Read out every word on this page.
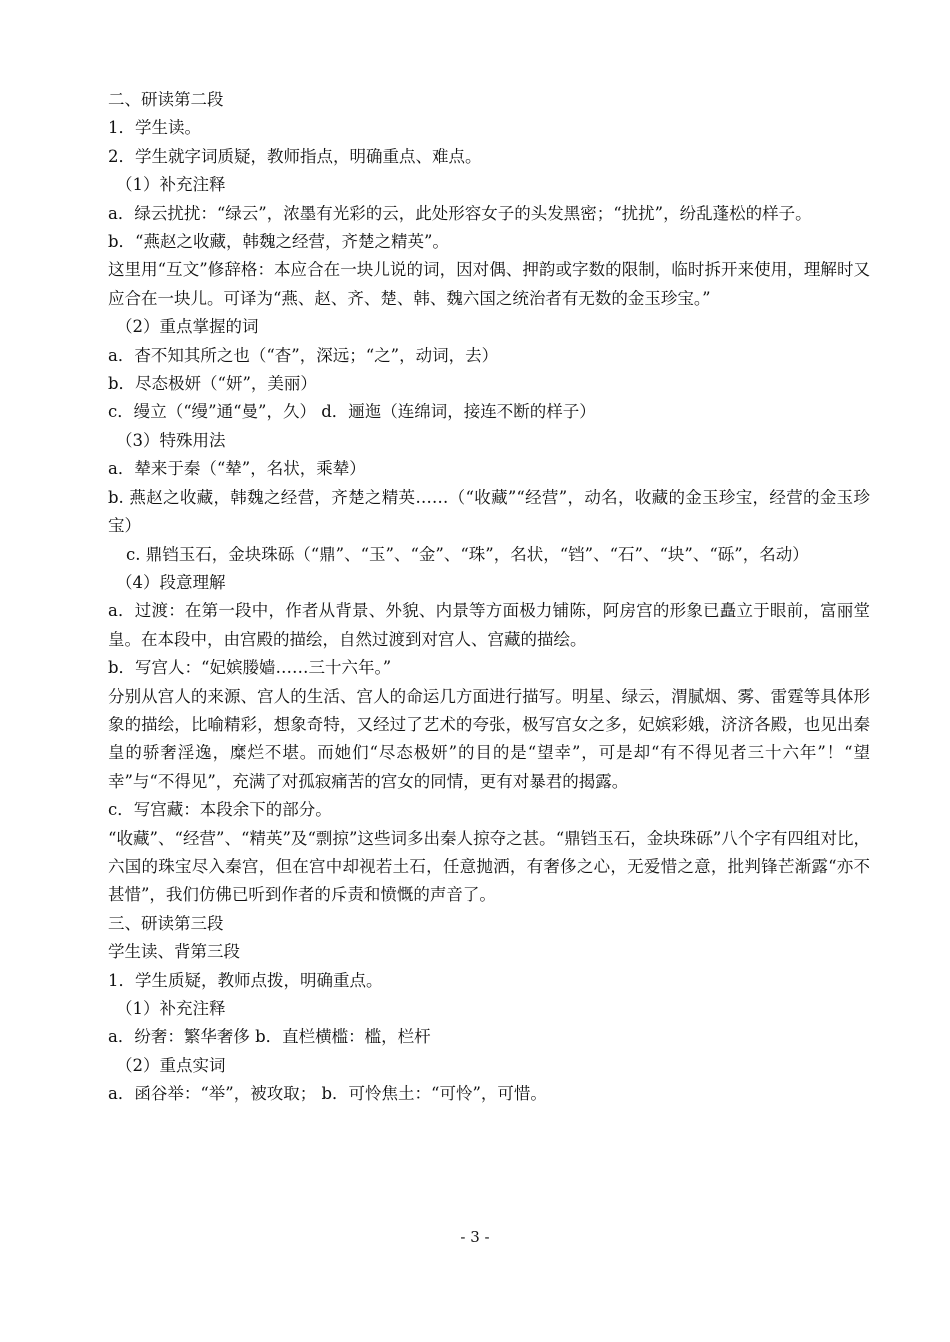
二、研读第二段
1．学生读。
2．学生就字词质疑，教师指点，明确重点、难点。
（1）补充注释
a．绿云扰扰：“绿云”，浓墨有光彩的云，此处形容女子的头发黑密；“扰扰”，纷乱蓬松的样子。
b．“燕赵之收藏，韩魏之经营，齐楚之精英”。
这里用“互文”修辞格：本应合在一块儿说的词，因对偶、押韵或字数的限制，临时拆开来使用，理解时又应合在一块儿。可译为“燕、赵、齐、楚、韩、魏六国之统治者有无数的金玉珍宝。”
（2）重点掌握的词
a．杳不知其所之也（“杳”，深远；“之”，动词，去）
b．尽态极妍（“妍”，美丽）
c．缦立（“缦”通“曼”，久） d．逦迤（连绵词，接连不断的样子）
（3）特殊用法
a．辇来于秦（“辇”，名状，乘辇）
b. 燕赵之收藏，韩魏之经营，齐楚之精英……（“收藏”“经营”，动名，收藏的金玉珍宝，经营的金玉珍宝）
c. 鼎铛玉石，金块珠砾（“鼎”、“玉”、“金”、“珠”，名状，“铛”、“石”、“块”、“砾”，名动）
（4）段意理解
a．过渡：在第一段中，作者从背景、外貌、内景等方面极力铺陈，阿房宫的形象已矗立于眼前，富丽堂皇。在本段中，由宫殿的描绘，自然过渡到对宫人、宫藏的描绘。
b．写宫人：“妃嫔媵嫱……三十六年。”
分别从宫人的来源、宫人的生活、宫人的命运几方面进行描写。明星、绿云，渭腻烟、雾、雷霆等具体形象的描绘，比喻精彩，想象奇特，又经过了艺术的夸张，极写宫女之多，妃嫔彩娥，济济各殿，也见出秦皇的骄奢淫逸，糜烂不堪。而她们“尽态极妍”的目的是“望幸”，可是却“有不得见者三十六年”！“望幸”与“不得见”，充满了对孤寂痛苦的宫女的同情，更有对暴君的揭露。
c．写宫藏：本段余下的部分。
“收藏”、“经营”、“精英”及“剽掠”这些词多出秦人掠夺之甚。“鼎铛玉石，金块珠砾”八个字有四组对比，六国的珠宝尽入秦宫，但在宫中却视若土石，任意抛洒，有奢侈之心，无爱惜之意，批判锋芒渐露“亦不甚惜”，我们仿佛已听到作者的斥责和愤慨的声音了。
三、研读第三段
学生读、背第三段
1．学生质疑，教师点拨，明确重点。
（1）补充注释
a．纷奢：繁华奢侈 b．直栏横槛：槛，栏杆
（2）重点实词
a．函谷举：“举”，被攻取； b．可怜焦土：“可怜”，可惜。
- 3 -
